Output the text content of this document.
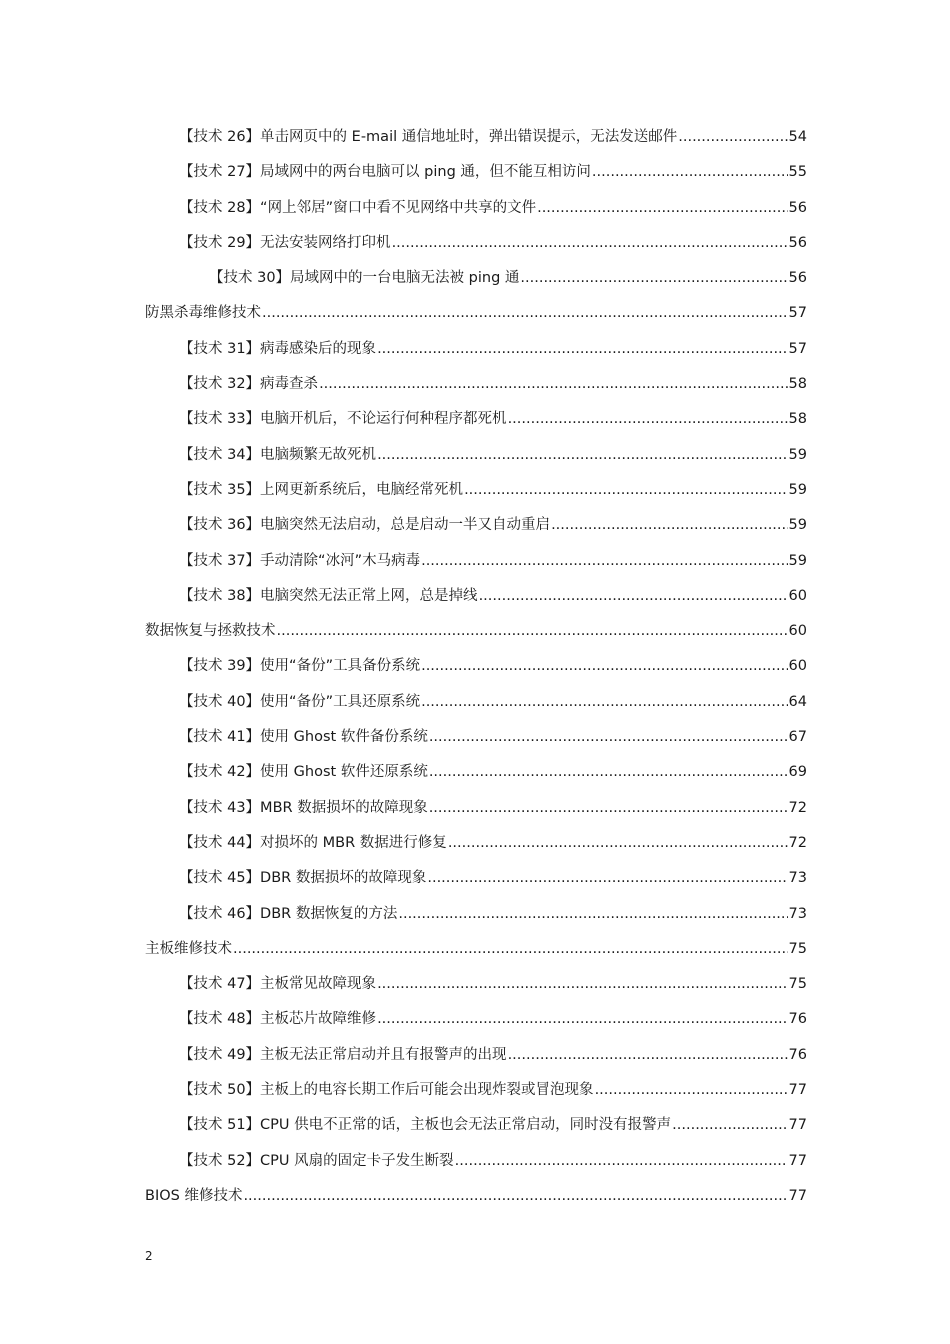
【技术 26】单击网页中的 E-mail 通信地址时，弹出错误提示，无法发送邮件 .....	54
【技术 27】局域网中的两台电脑可以 ping 通，但不能互相访问 .....	55
【技术 28】“网上邻居”窗口中看不见网络中共享的文件 .....	56
【技术 29】无法安装网络打印机 .....	56
【技术 30】局域网中的一台电脑无法被 ping 通 .....	56
防黑杀毒维修技术 .....	57
【技术 31】病毒感染后的现象 .....	57
【技术 32】病毒查杀 .....	58
【技术 33】电脑开机后，不论运行何种程序都死机 .....	58
【技术 34】电脑频繁无故死机 .....	59
【技术 35】上网更新系统后，电脑经常死机 .....	59
【技术 36】电脑突然无法启动，总是启动一半又自动重启 .....	59
【技术 37】手动清除“冰河”木马病毒 .....	59
【技术 38】电脑突然无法正常上网，总是掉线 .....	60
数据恢复与拯救技术 .....	60
【技术 39】使用“备份”工具备份系统 .....	60
【技术 40】使用“备份”工具还原系统 .....	64
【技术 41】使用 Ghost 软件备份系统 .....	67
【技术 42】使用 Ghost 软件还原系统 .....	69
【技术 43】MBR 数据损坏的故障现象 .....	72
【技术 44】对损坏的 MBR 数据进行修复 .....	72
【技术 45】DBR 数据损坏的故障现象 .....	73
【技术 46】DBR 数据恢复的方法 .....	73
主板维修技术 .....	75
【技术 47】主板常见故障现象 .....	75
【技术 48】主板芯片故障维修 .....	76
【技术 49】主板无法正常启动并且有报警声的出现 .....	76
【技术 50】主板上的电容长期工作后可能会出现炸裂或冒泡现象 .....	77
【技术 51】CPU 供电不正常的话，主板也会无法正常启动，同时没有报警声 .....	77
【技术 52】CPU 风扇的固定卡子发生断裂 .....	77
BIOS 维修技术 .....	77
2
